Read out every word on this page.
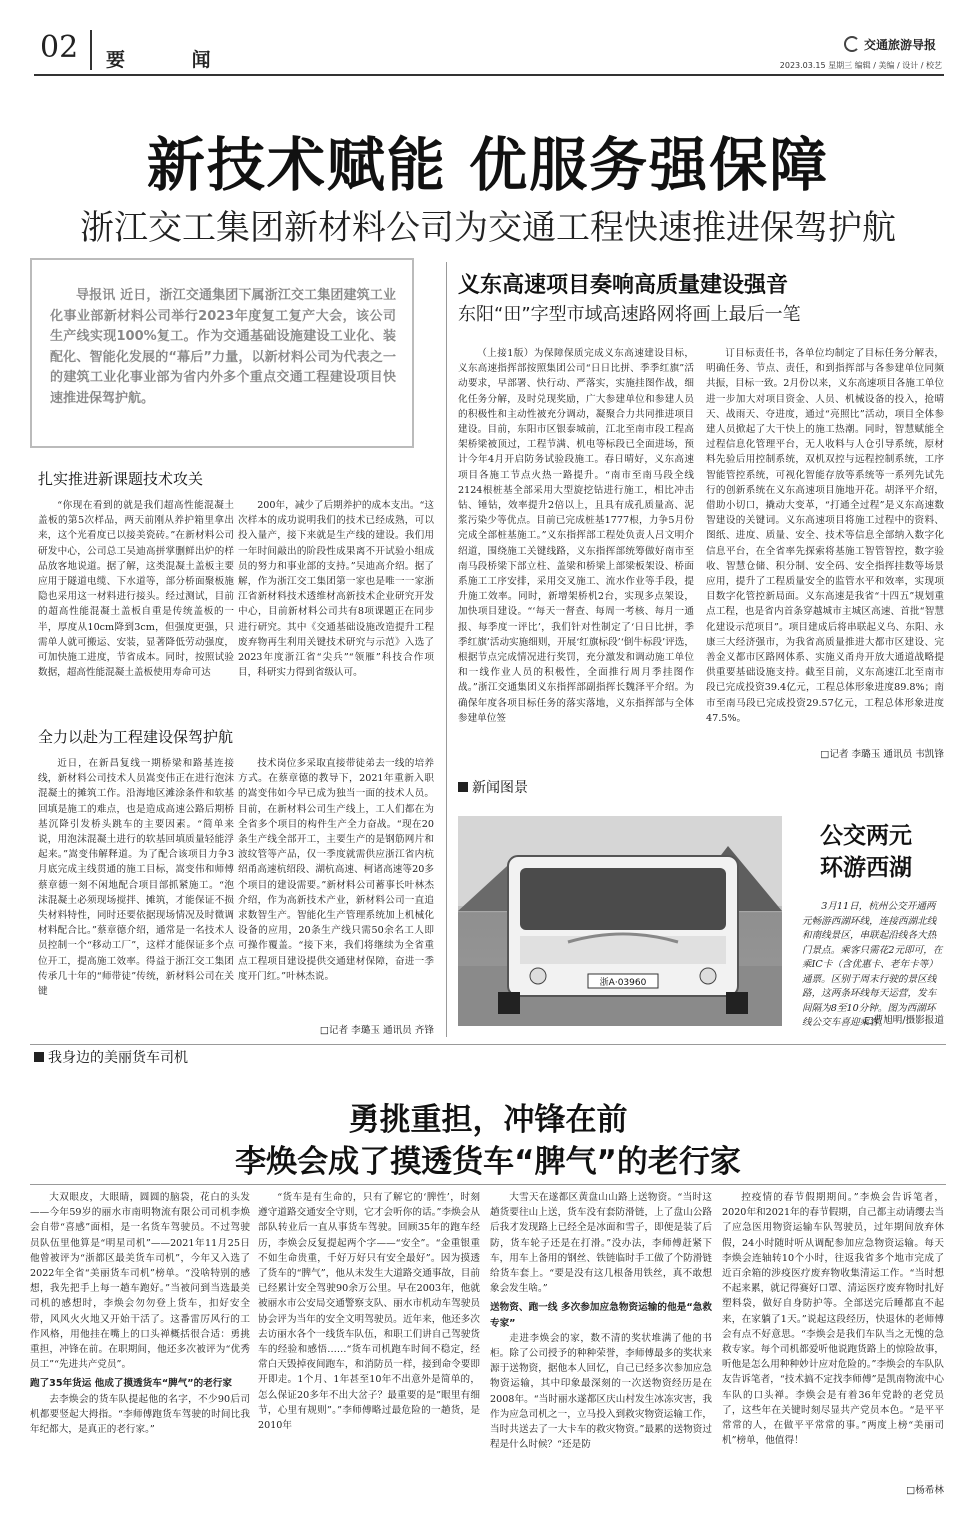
02 要 闻
交通旅游导报
2023.03.15 星期三 编辑 / 美编 / 设计 / 校艺
新技术赋能 优服务强保障
浙江交工集团新材料公司为交通工程快速推进保驾护航
导报讯 近日，浙江交通集团下属浙江交工集团建筑工业化事业部新材料公司举行2023年度复工复产大会，该公司生产线实现100%复工。作为交通基础设施建设工业化、装配化、智能化发展的“幕后”力量，以新材料公司为代表之一的建筑工业化事业部为省内外多个重点交通工程建设项目快速推进保驾护航。
扎实推进新课题技术攻关

“你现在看到的就是我们超高性能混凝土盖板的第5次样品，两天前刚从养护箱里拿出来，这个光看度已以接美瓷砖。”在新材料公司研发中心，公司总工吴迪高拼掌删鲜出炉的样品放客地说道。据了解，这类混凝土盖板主要应用于隧道电缆、下水道等，部分桥面聚板施隐也采用这一材料进行接头。经过测试，目前的超高性能混凝土盖板自重是传统盖板的一半，厚度从10cm降到3cm，但强度更强，只需单人就可搬运、安装，显著降低劳动强度，可加快施工进度，节省成本。同时，按照试验数据，超高性能混凝土盖板使用寿命可达

200年，减少了后期养护的成本支出。“这次样本的成功说明我们的技术已经成熟，可以投入量产，接下来就是生产线的建设。我们用一年时间敲出的阶段性成果离不开试验小组成员的努力和事业部的支持。”吴迪高介绍。据了解，作为浙江交工集团第一家也是唯一一家浙江省新材料技术透维材高新技术企业研究开发中心，目前新材料公司共有8项课题正在同步进行研究。其中《交通基础设施改造提升工程废弃物再生利用关键技术研究与示范》入选了2023年度浙江省“尖兵”“领雁”科技合作项目，科研实力得到省级认可。

全力以赴为工程建设保驾护航

近日，在新昌复线一期桥梁和路基连接线，新材料公司技术人员嵩变伟正在进行泡沫混凝土的摊筑工作。沿海地区滩涂条件和软基回填是施工的难点，也是造成高速公路后期桥基沉降引发桥头跳车的主要因素。“简单来说，用泡沫混凝土进行的软基回填质量轻能浮起来。”嵩变伟解释道。为了配合该项目力争3月底完成主线贯通的施工目标，嵩变伟和师傅蔡章德一刻不闲地配合项目部抓紧施工。“泡沫混凝土必须现场搅拌、摊筑，才能保证不损失材料特性，同时还要依据现场情况及时微调材料配合比。”蔡章德介绍，通常是一名技术人员控制一个“移动工厂”，这样才能保证多个点位开工，提高施工效率。得益于浙江交工集团传承几十年的“师带徒”传统，新材料公司在关键

技术岗位多采取直接带徒弟去一线的培养方式。在蔡章德的教导下，2021年重新入职的嵩变伟如今早已成为独当一面的技术人员。目前，在新材料公司生产线上，工人们都在为全省多个项目的构件生产全力奋战。“现在20条生产线全部开工，主要生产的是钢筋网片和波纹管等产品，仅一季度就需供应浙江省内杭绍甬高速杭绍段、湖杭高速、柯诸高速等20多个项目的建设需要。”新材料公司蓄事长叶林杰介绍，作为高新技术产业，新材料公司一直追求数智生产。智能化生产管理系统加上机械化设备的应用，20条生产线只需50余名工人即可操作覆盖。“接下来，我们将继续为全省重点工程项目建设提供交通建材保障，奋进一季度开门红。”叶林杰说。

□记者 李璐玉 通讯员 齐锋
义东高速项目奏响高质量建设强音
东阳“田”字型市域高速路网将画上最后一笔

（上接1版）为保障保质完成义东高速建设目标，义东高速指挥部按照集团公司“日日比拼、季季红旗”活动要求，早部署、快行动、严落实，实施挂图作战，细化任务分解，及时兑现奖励，广大参建单位和参建人员的积极性和主动性被充分调动，凝聚合力共同推进项目建设。目前，东阳市区银泰城前，江北至南市段工程高架桥梁被顶过，工程节满、机电等标段已全面进场，预计今年4月开启防务试验段施工。春日晴好，义东高速项目各施工节点火热一路提升。“南市至南马段全线2124根桩基全部采用大型旋挖钻进行施工，相比冲击钻、锤钻，效率提升2倍以上，且具有成孔质量高、泥浆污染少等优点。目前已完成桩基1777根，力争5月份完成全部桩基施工。”义东指挥部工程处负责人吕文明介绍道，围绕施工关键线路，义东指挥部统筹做好南市至南马段桥梁下部立柱、盖梁和桥梁上部梁板架设、桥面系施工工序安排，采用交叉施工、流水作业等手段，提升施工效率。同时，新增架桥机2台，实现多点架设，加快项目建设。“‘每天一督查、每周一考核、每月一通报、每季度一评比’，我们针对性制定了‘日日比拼，季季红旗’活动实施细则，开展‘红旗标段’‘倒牛标段’评选，根据节点完成情况进行奖罚，充分激发和调动施工单位和一线作业人员的积极性，全面推行周月季挂图作战。”浙江交通集团义东指挥部副指挥长魏泽平介绍。为确保年度各项目标任务的落实落地，义东指挥部与全体参建单位签

订目标责任书，各单位均制定了目标任务分解表，明确任务、节点、责任，和到指挥部与各参建单位同频共振，目标一致。2月份以来，义东高速项目各施工单位进一步加大对项目资金、人员、机械设备的投入，抢晴天、战雨天、夺进度，通过“亮照比”活动，项目全体参建人员掀起了大干快上的施工热潮。同时，智慧赋能全过程信息化管理平台，无人收料与人仓引导系统，原材料先验后用控制系统，双机双控与远程控制系统，工序智能管控系统，可视化智能存放等系统等一系列先试先行的创新系统在义东高速项目施地开花。胡泽平介绍，借助小切口，撬动大变革，“打通全过程”是义东高速数智建设的关键词。义东高速项目将施工过程中的资料、图纸、进度、质量、安全、技术等信息全部纳入数字化信息平台，在全省率先探索将基施工智管智控，数字验收、智慧仓储、积分制、安全码、安全指挥挂数等场景应用，提升了工程质量安全的监管水平和效率，实现项目数字化管控新局面。义东高速是我省“十四五”规划重点工程，也是省内首条穿越城市主城区高速、首批“智慧化建设示范项目”。项目建成后将串联起义乌、东阳、永康三大经济强市，为我省高质量推进大都市区建设、完善金义都市区路网体系、实施义甬舟开放大通道战略提供重要基础设施支持。截至目前，义东高速江北至南市段已完成投资39.4亿元，工程总体形象进度89.8%；南市至南马段已完成投资29.57亿元，工程总体形象进度47.5%。

□记者 李璐玉 通讯员 韦凯锋
新闻图景
浙A·03960
公交两元
环游西湖
3月11日，杭州公交开通两元畅游西湖环线，连接西湖北线和南线景区，串联起沿线各大热门景点。乘客只需花2元即可，在乘IC卡（含优惠卡、老年卡等）通票。区别于周末行驶的景区线路，这两条环线每天运营，发车间隔为8至10分钟。图为西湖环线公交车喜迎乘客。
□曹旭明/摄影报道
我身边的美丽货车司机
勇挑重担，冲锋在前
李焕会成了摸透货车“脾气”的老行家

大双眼皮，大眼睛，圆圆的脑袋，花白的头发——今年59岁的丽水市南明物流有限公司司机李焕会自带“喜感”面相，是一名货车驾驶员。不过驾驶员队伍里他算是“明星司机”——2021年11月25日他曾被评为“浙都区最美货车司机”，今年又入选了2022年全省“美丽货车司机”榜单。“没啥特别的感想，我先把手上每一趟车跑好。”当被问到当选最美司机的感想时，李焕会勿勿登上货车，扣好安全带，风风火火地又开始干活了。这番雷厉风行的工作风格，用他挂在嘴上的口头禅概括很合适：勇挑重担，冲锋在前。在职期间，他还多次被评为“优秀员工”“先进共产党员”。

跑了35年货运 他成了摸透货车“脾气”的老行家

去李焕会的货车队提起他的名字，不少90后司机都要竖起大拇指。“李师傅跑货车驾驶的时间比我年纪都大，是真正的老行家。”

“货车是有生命的，只有了解它的‘脾性’，时刻遵守道路交通安全守则，它才会听你的话。”李焕会从部队转业后一直从事货车驾驶。回顾35年的跑车经历，李焕会反复提起两个字——“安全”。“金重银重不如生命贵重，千好万好只有安全最好”。因为摸透了货车的“脾气”，他从未发生大道路交通事故，目前已经累计安全驾驶90余万公里。早在2003年，他就被丽水市公安局交通警察支队、丽水市机动车驾驶员协会评为当年的安全文明驾驶员。近年来，他还多次去访丽水各个一线货车队伍，和职工们讲自己驾驶货车的经验和感悟……“货车司机跑车时间不稳定，经常白天毁掉夜间跑车，和消防员一样，接到命令要即开即走。1个月、1年甚至10年不出意外是简单的，怎么保证20多年不出大岔子？最重要的是”眼里有细节，心里有规则”。”李师傅略过最危险的一趟货，是2010年

大雪天在遂都区黄盘山山路上送物资。“当时这趟货要往山上送，货车没有套防滑链，上了盘山公路后我才发现路上已经全是冰面和雪子，即便是装了后防，货车轮子还是在打滑。”没办法，李师傅赶紧下车，用车上备用的钢丝、铁链临时手工做了个防滑链给货车套上。“要是没有这几根备用铁丝，真不敢想象会发生啥。”

送物资、跑一线 多次参加应急物资运输的他是“急救专家”

走进李焕会的家，数不清的奖状堆满了他的书柜。除了公司授予的种种荣誉，李师傅最多的奖状来源于送物资，据他本人回忆，自己已经多次参加应急物资运输，其中印象最深刻的一次送物资经历是在2008年。“当时丽水遂都区庆山村发生冰冻灾害，我作为应急司机之一，立马投入到救灾物资运输工作，当时共送去了一大卡车的救灾物资。”最累的送物资过程是什么时候？“还是防

控疫情的春节假期期间。”李焕会告诉笔者，2020年和2021年的春节假期，自己都主动请缨去当了应急医用物资运输车队驾驶员，过年期间放弃休假，24小时随时听从调配参加应急物资运输。每天李焕会连轴转10个小时，往返我省多个地市完成了近百余箱的涉疫医疗废弃物收集清运工作。“当时想不起来累，就记得赛好口罩、清运医疗废弃物时扎好塑料袋，做好自身防护等。全部送完后睡都直不起来，在家躺了1天。”说起这段经历，快退休的老师傅会有点不好意思。“李焕会是我们车队当之无愧的急救专家。每个司机都爱听他说跑货路上的惊险故事，听他是怎么用种种妙计应对危险的。”李焕会的车队队友告诉笔者，“技术搞不定找李师傅”是凯南物流中心车队的口头禅。李焕会是有着36年党龄的老党员了，这些年在关键时刻尽显共产党员本色。“是平平常常的人，在做平平常常的事。”两度上榜“美丽司机”榜单，他值得！

□杨希林
